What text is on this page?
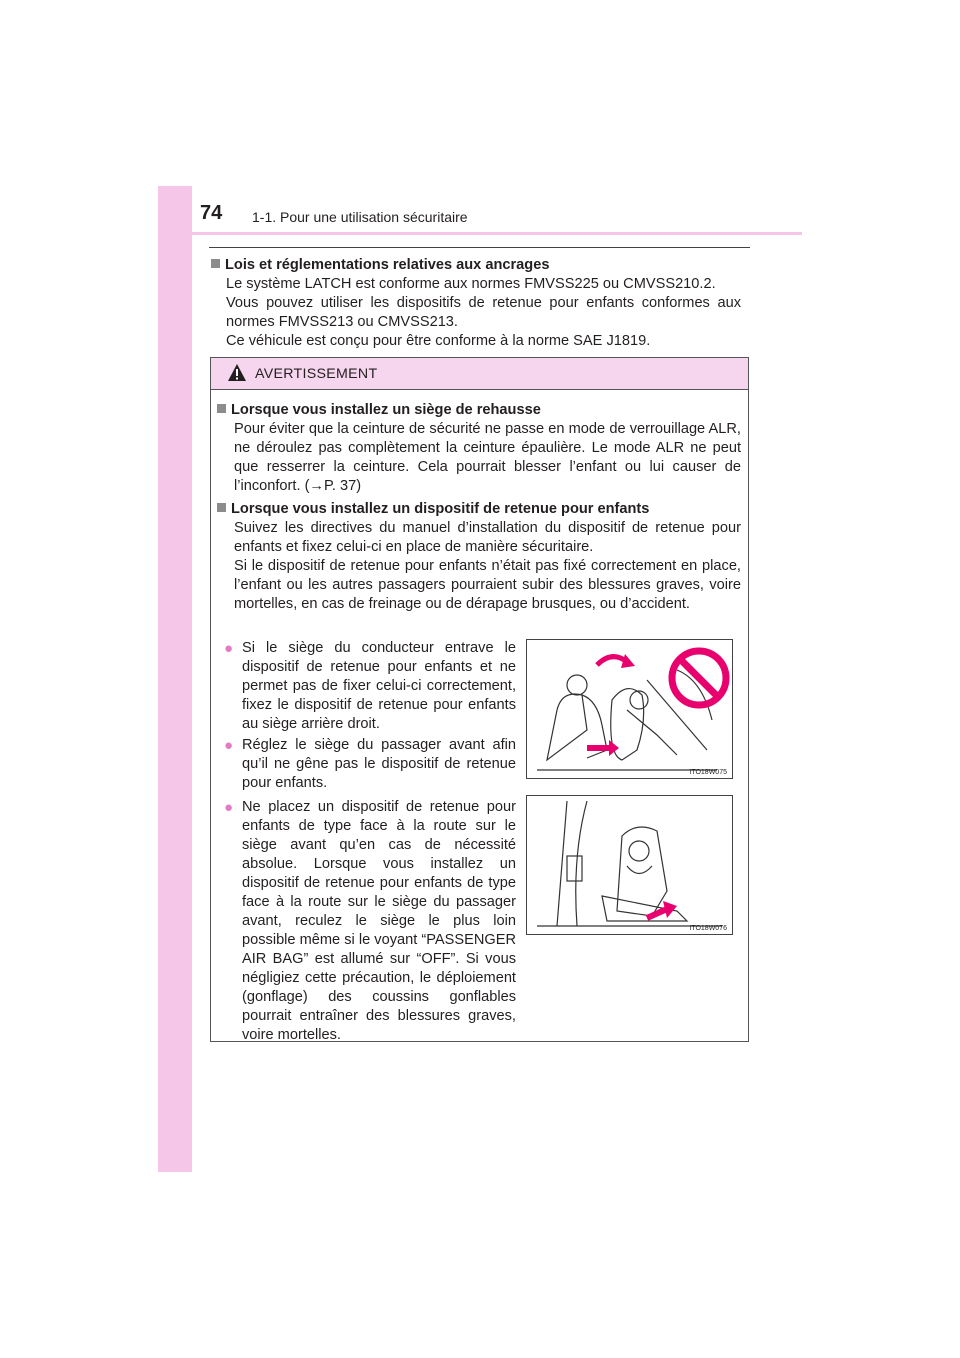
74 1-1. Pour une utilisation sécuritaire
Lois et réglementations relatives aux ancrages
Le système LATCH est conforme aux normes FMVSS225 ou CMVSS210.2.
Vous pouvez utiliser les dispositifs de retenue pour enfants conformes aux normes FMVSS213 ou CMVSS213.
Ce véhicule est conçu pour être conforme à la norme SAE J1819.
AVERTISSEMENT
Lorsque vous installez un siège de rehausse
Pour éviter que la ceinture de sécurité ne passe en mode de verrouillage ALR, ne déroulez pas complètement la ceinture épaulière. Le mode ALR ne peut que resserrer la ceinture. Cela pourrait blesser l’enfant ou lui causer de l’inconfort. (→P. 37)
Lorsque vous installez un dispositif de retenue pour enfants
Suivez les directives du manuel d’installation du dispositif de retenue pour enfants et fixez celui-ci en place de manière sécuritaire.
Si le dispositif de retenue pour enfants n’était pas fixé correctement en place, l’enfant ou les autres passagers pourraient subir des blessures graves, voire mortelles, en cas de freinage ou de dérapage brusques, ou d’accident.
● Si le siège du conducteur entrave le dispositif de retenue pour enfants et ne permet pas de fixer celui-ci correctement, fixez le dispositif de retenue pour enfants au siège arrière droit.
● Réglez le siège du passager avant afin qu’il ne gêne pas le dispositif de retenue pour enfants.
● Ne placez un dispositif de retenue pour enfants de type face à la route sur le siège avant qu’en cas de nécessité absolue. Lorsque vous installez un dispositif de retenue pour enfants de type face à la route sur le siège du passager avant, reculez le siège le plus loin possible même si le voyant “PASSENGER AIR BAG” est allumé sur “OFF”. Si vous négligiez cette précaution, le déploiement (gonflage) des coussins gonflables pourrait entraîner des blessures graves, voire mortelles.
ITO18W075
ITO18W076
